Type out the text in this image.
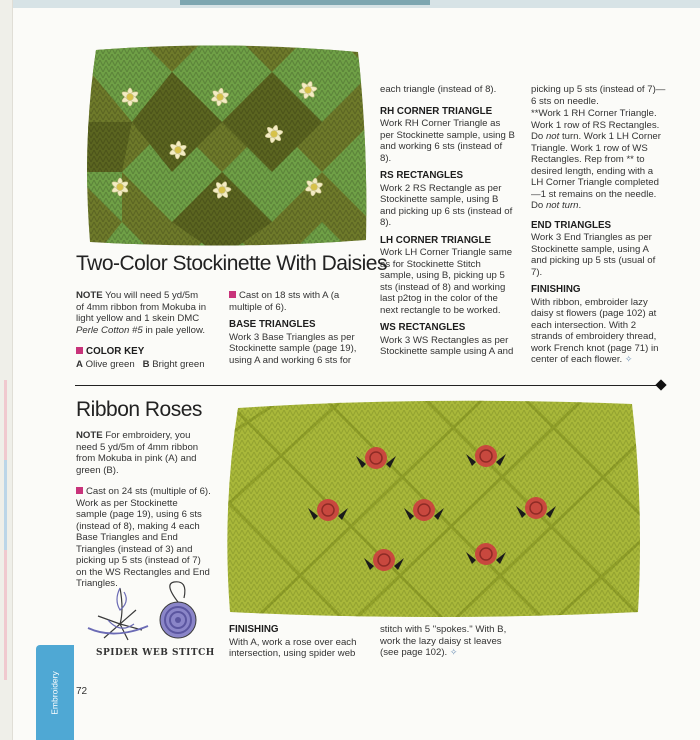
Two-Color Stockinette With Daisies

NOTE You will need 5 yd/5m of 4mm ribbon from Mokuba in light yellow and 1 skein DMC Perle Cotton #5 in pale yellow.

COLOR KEY

A Olive green B Bright green

Cast on 18 sts with A (a multiple of 6).

BASE TRIANGLES

Work 3 Base Triangles as per Stockinette sample (page 19), using A and working 6 sts for

each triangle (instead of 8).

RH CORNER TRIANGLE

Work RH Corner Triangle as per Stockinette sample, using B and working 6 sts (instead of 8).

RS RECTANGLES

Work 2 RS Rectangle as per Stockinette sample, using B and picking up 6 sts (instead of 8).

LH CORNER TRIANGLE

Work LH Corner Triangle same as for Stockinette Stitch sample, using B, picking up 5 sts (instead of 8) and working last p2tog in the color of the next rectangle to be worked.

WS RECTANGLES

Work 3 WS Rectangles as per Stockinette sample using A and

picking up 5 sts (instead of 7)—6 sts on needle.

**Work 1 RH Corner Triangle. Work 1 row of RS Rectangles. Do not turn. Work 1 LH Corner Triangle. Work 1 row of WS Rectangles. Rep from ** to desired length, ending with a LH Corner Triangle completed—1 st remains on the needle. Do not turn.

END TRIANGLES

Work 3 End Triangles as per Stockinette sample, using A and picking up 5 sts (usual of 7).

FINISHING

With ribbon, embroider lazy daisy st flowers (page 102) at each intersection. With 2 strands of embroidery thread, work French knot (page 71) in center of each flower. ✧

Ribbon Roses

NOTE For embroidery, you need 5 yd/5m of 4mm ribbon from Mokuba in pink (A) and green (B).

Cast on 24 sts (multiple of 6). Work as per Stockinette sample (page 19), using 6 sts (instead of 8), making 4 each Base Triangles and End Triangles (instead of 3) and picking up 5 sts (instead of 7) on the WS Rectangles and End Triangles.

SPIDER WEB STITCH

FINISHING

With A, work a rose over each intersection, using spider web

stitch with 5 "spokes." With B, work the lazy daisy st leaves (see page 102). ✧

Embroidery 72
